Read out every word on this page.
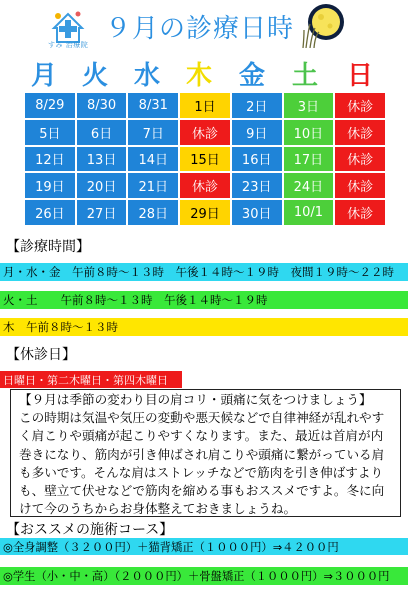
すみ 治療院
９月の診療日時
月 火 水 木 金 土 日
8/29	8/30	8/31	1日	2日	3日	休診
5日	6日	7日	休診	9日	10日	休診
12日	13日	14日	15日	16日	17日	休診
19日	20日	21日	休診	23日	24日	休診
26日	27日	28日	29日	30日	10/1	休診
【診療時間】
月・水・金　午前８時～１３時　午後１４時～１９時　夜間１９時～２２時
火・土　　午前８時～１３時　午後１４時～１９時
木　午前８時～１３時
【休診日】
日曜日・第二木曜日・第四木曜日

【９月は季節の変わり目の肩コリ・頭痛に気をつけましょう】

この時期は気温や気圧の変動や悪天候などで自律神経が乱れやすく肩こりや頭痛が起こりやすくなります。また、最近は首肩が内巻きになり、筋肉が引き伸ばされ肩こりや頭痛に繋がっている肩も多いです。そんな肩はストレッチなどで筋肉を引き伸ばすよりも、壁立て伏せなどで筋肉を縮める事もおススメですよ。冬に向けて今のうちからお身体整えておきましょうね。

【おススメの施術コース】
◎全身調整（３２００円）＋猫背矯正（１０００円）⇒４２００円
◎学生（小・中・高）（２０００円）＋骨盤矯正（１０００円）⇒３０００円
